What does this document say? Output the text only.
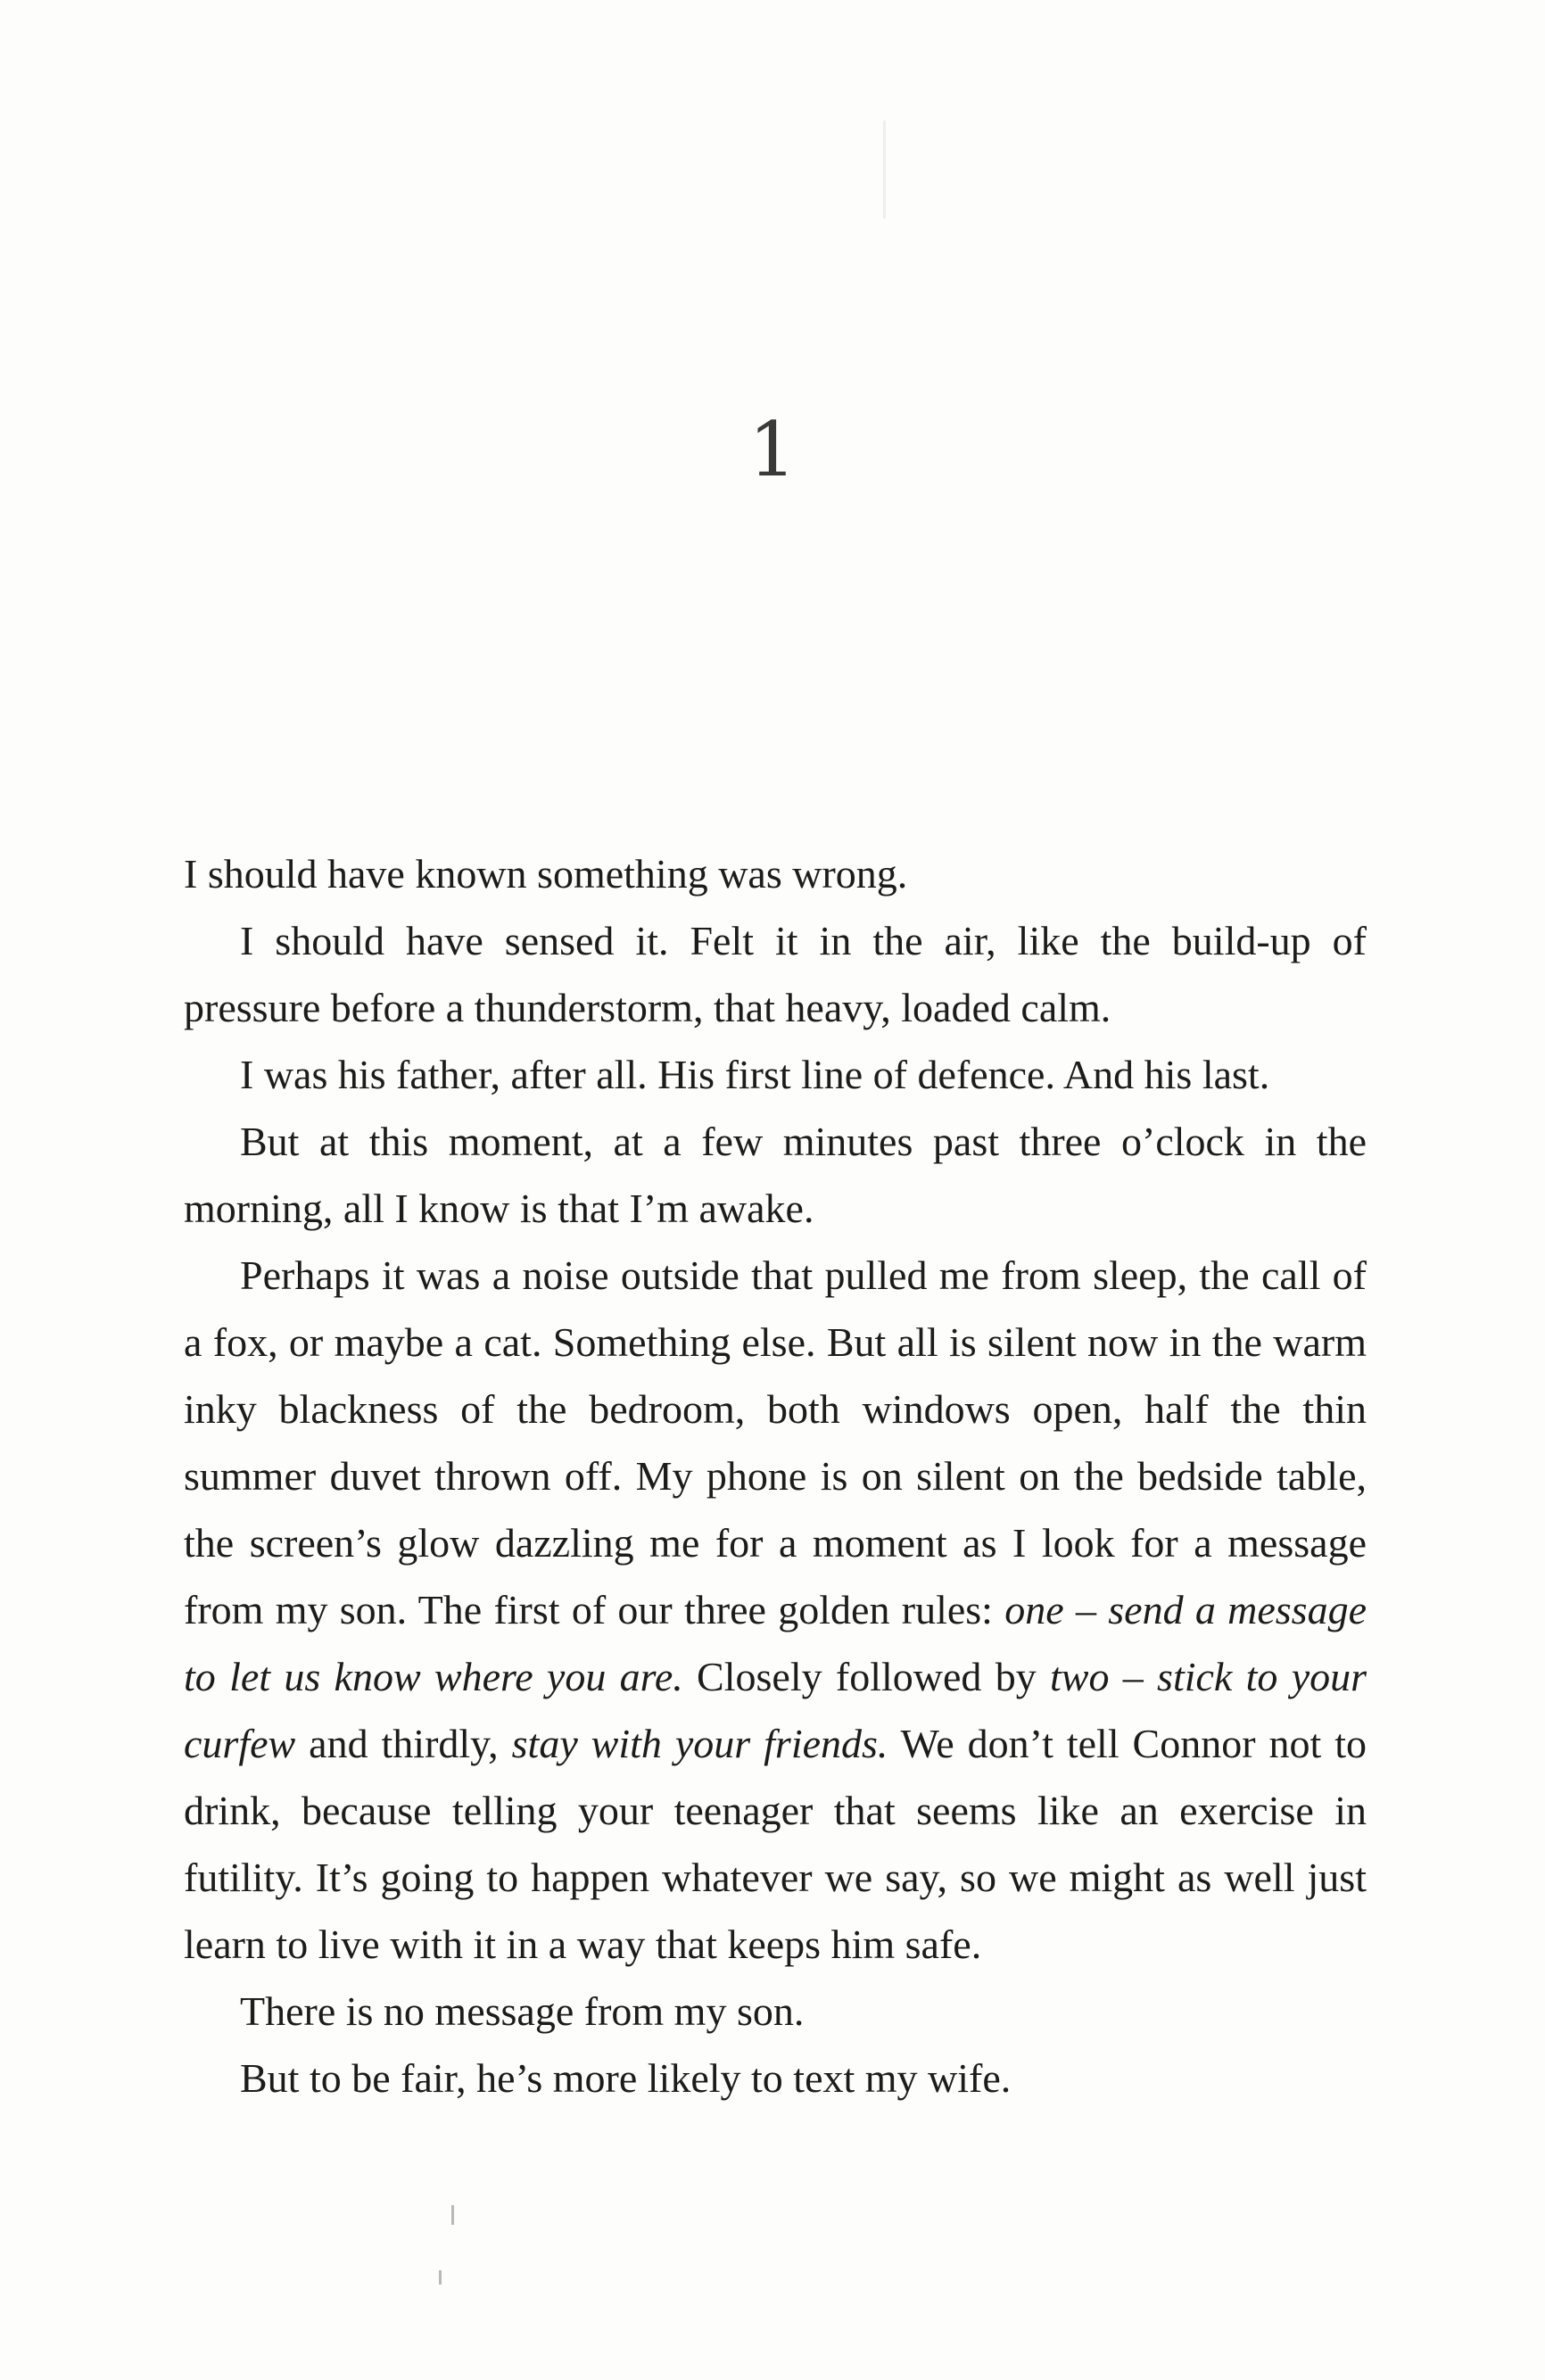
1

I should have known something was wrong.

I should have sensed it. Felt it in the air, like the build-up of pressure before a thunderstorm, that heavy, loaded calm.

I was his father, after all. His first line of defence. And his last.

But at this moment, at a few minutes past three o’clock in the morning, all I know is that I’m awake.

Perhaps it was a noise outside that pulled me from sleep, the call of a fox, or maybe a cat. Something else. But all is silent now in the warm inky blackness of the bedroom, both windows open, half the thin summer duvet thrown off. My phone is on silent on the bedside table, the screen’s glow dazzling me for a moment as I look for a message from my son. The first of our three golden rules: one – send a message to let us know where you are. Closely followed by two – stick to your curfew and thirdly, stay with your friends. We don’t tell Connor not to drink, because telling your teenager that seems like an exercise in futility. It’s going to happen whatever we say, so we might as well just learn to live with it in a way that keeps him safe.

There is no message from my son.

But to be fair, he’s more likely to text my wife.
